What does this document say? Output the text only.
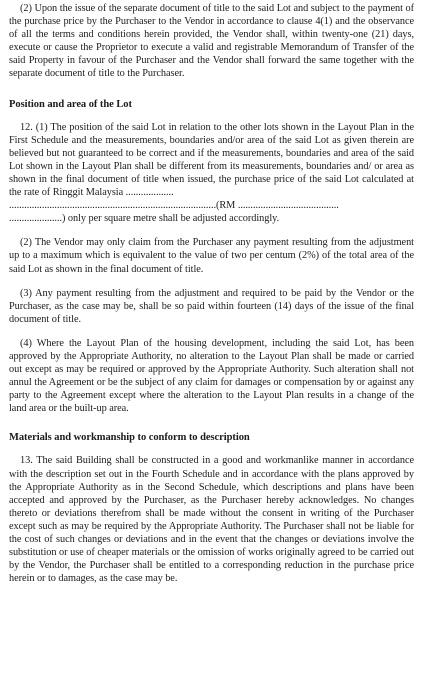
(2) Upon the issue of the separate document of title to the said Lot and subject to the payment of the purchase price by the Purchaser to the Vendor in accordance to clause 4(1) and the observance of all the terms and conditions herein provided, the Vendor shall, within twenty-one (21) days, execute or cause the Proprietor to execute a valid and registrable Memorandum of Transfer of the said Property in favour of the Purchaser and the Vendor shall forward the same together with the separate document of title to the Purchaser.

Position and area of the Lot
12. (1) The position of the said Lot in relation to the other lots shown in the Layout Plan in the First Schedule and the measurements, boundaries and/or area of the said Lot as given therein are believed but not guaranteed to be correct and if the measurements, boundaries and area of the said Lot shown in the Layout Plan shall be different from its measurements, boundaries and/ or area as shown in the final document of title when issued, the purchase price of the said Lot calculated at the rate of Ringgit Malaysia ...................
..................................................................................(RM ........................................
.....................) only per square metre shall be adjusted accordingly.

(2) The Vendor may only claim from the Purchaser any payment resulting from the adjustment up to a maximum which is equivalent to the value of two per centum (2%) of the total area of the said Lot as shown in the final document of title.

(3) Any payment resulting from the adjustment and required to be paid by the Vendor or the Purchaser, as the case may be, shall be so paid within fourteen (14) days of the issue of the final document of title.

(4) Where the Layout Plan of the housing development, including the said Lot, has been approved by the Appropriate Authority, no alteration to the Layout Plan shall be made or carried out except as may be required or approved by the Appropriate Authority. Such alteration shall not annul the Agreement or be the subject of any claim for damages or compensation by or against any party to the Agreement except where the alteration to the Layout Plan results in a change of the land area or the built-up area.

Materials and workmanship to conform to description

13. The said Building shall be constructed in a good and workmanlike manner in accordance with the description set out in the Fourth Schedule and in accordance with the plans approved by the Appropriate Authority as in the Second Schedule, which descriptions and plans have been accepted and approved by the Purchaser, as the Purchaser hereby acknowledges. No changes thereto or deviations therefrom shall be made without the consent in writing of the Purchaser except such as may be required by the Appropriate Authority. The Purchaser shall not be liable for the cost of such changes or deviations and in the event that the changes or deviations involve the substitution or use of cheaper materials or the omission of works originally agreed to be carried out by the Vendor, the Purchaser shall be entitled to a corresponding reduction in the purchase price herein or to damages, as the case may be.
